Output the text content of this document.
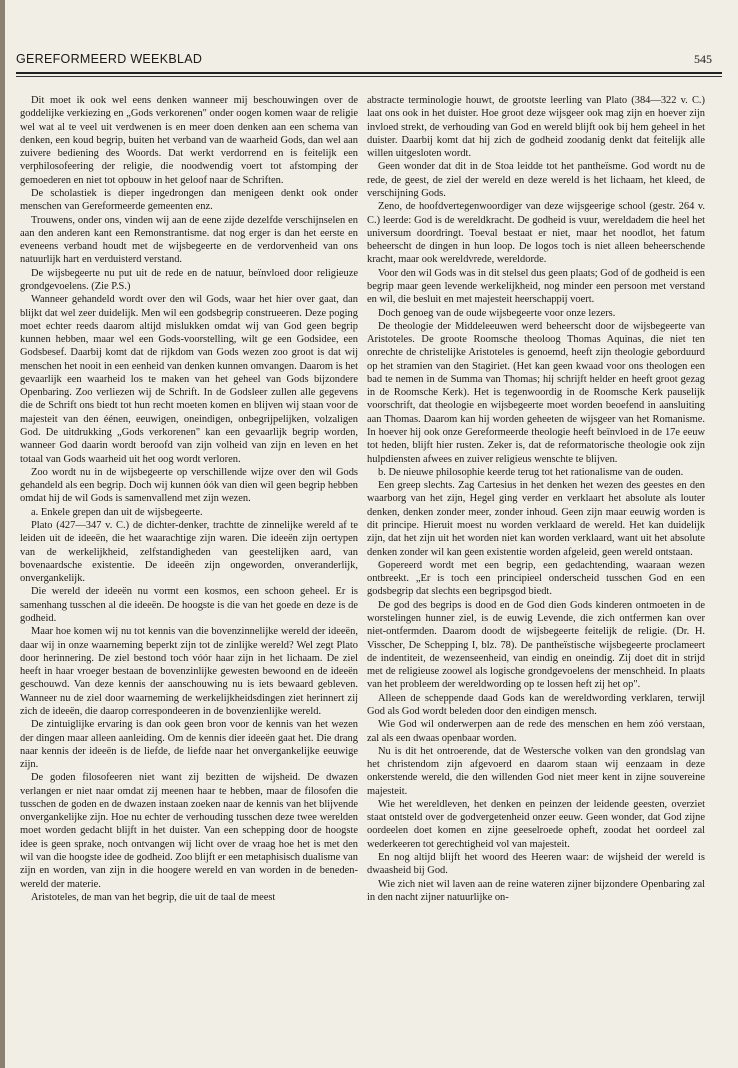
GEREFORMEERD WEEKBLAD	545

Dit moet ik ook wel eens denken wanneer mij beschouwingen over de goddelijke verkiezing en „Gods verkorenen" onder oogen komen waar de religie wel wat al te veel uit verdwenen is en meer doen denken aan een schema van denken, een koud begrip, buiten het verband van de waarheid Gods, dan wel aan zuivere bediening des Woords. Dat werkt verdorrend en is feitelijk een verphilosofeering der religie, die noodwendig voert tot afstomping der gemoederen en niet tot opbouw in het geloof naar de Schriften.

De scholastiek is dieper ingedrongen dan menigeen denkt ook onder menschen van Gereformeerde gemeenten enz.

Trouwens, onder ons, vinden wij aan de eene zijde dezelfde verschijnselen en aan den anderen kant een Remonstrantisme. dat nog erger is dan het eerste en eveneens verband houdt met de wijsbegeerte en de verdorvenheid van ons natuurlijk hart en verduisterd verstand.

De wijsbegeerte nu put uit de rede en de natuur, beïnvloed door religieuze grondgevoelens. (Zie P.S.)

Wanneer gehandeld wordt over den wil Gods, waar het hier over gaat, dan blijkt dat wel zeer duidelijk. Men wil een godsbegrip construeeren. Deze poging moet echter reeds daarom altijd mislukken omdat wij van God geen begrip kunnen hebben, maar wel een Gods-voorstelling, wilt ge een Godsidee, een Godsbesef. Daarbij komt dat de rijkdom van Gods wezen zoo groot is dat wij menschen het nooit in een eenheid van denken kunnen omvangen. Daarom is het gevaarlijk een waarheid los te maken van het geheel van Gods bijzondere Openbaring. Zoo verliezen wij de Schrift. In de Godsleer zullen alle gegevens die de Schrift ons biedt tot hun recht moeten komen en blijven wij staan voor de majesteit van den éénen, eeuwigen, oneindigen, onbegrijpelijken, volzaligen God. De uitdrukking „Gods verkorenen" kan een gevaarlijk begrip worden, wanneer God daarin wordt beroofd van zijn volheid van zijn en leven en het totaal van Gods waarheid uit het oog wordt verloren.

Zoo wordt nu in de wijsbegeerte op verschillende wijze over den wil Gods gehandeld als een begrip. Doch wij kunnen óók van dien wil geen begrip hebben omdat hij de wil Gods is samenvallend met zijn wezen.

a. Enkele grepen dan uit de wijsbegeerte.

Plato (427—347 v. C.) de dichter-denker, trachtte de zinnelijke wereld af te leiden uit de ideeën, die het waarachtige zijn waren. Die ideeën zijn oertypen van de werkelijkheid, zelfstandigheden van geestelijken aard, van bovenaardsche existentie. De ideeën zijn ongeworden, onveranderlijk, onvergankelijk.

Die wereld der ideeën nu vormt een kosmos, een schoon geheel. Er is samenhang tusschen al die ideeën. De hoogste is die van het goede en deze is de godheid.

Maar hoe komen wij nu tot kennis van die bovenzinnelijke wereld der ideeën, daar wij in onze waarneming beperkt zijn tot de zinlijke wereld? Wel zegt Plato door herinnering. De ziel bestond toch vóór haar zijn in het lichaam. De ziel heeft in haar vroeger bestaan de bovenzinlijke gewesten bewoond en de ideeën geschouwd. Van deze kennis der aanschouwing nu is iets bewaard gebleven. Wanneer nu de ziel door waarneming de werkelijkheidsdingen ziet herinnert zij zich de ideeën, die daarop correspondeeren in de bovenzienlijke wereld.

De zintuiglijke ervaring is dan ook geen bron voor de kennis van het wezen der dingen maar alleen aanleiding. Om de kennis dier ideeën gaat het. Die drang naar kennis der ideeën is de liefde, de liefde naar het onvergankelijke eeuwige zijn.

De goden filosofeeren niet want zij bezitten de wijsheid. De dwazen verlangen er niet naar omdat zij meenen haar te hebben, maar de filosofen die tusschen de goden en de dwazen instaan zoeken naar de kennis van het blijvende onvergankelijke zijn. Hoe nu echter de verhouding tusschen deze twee werelden moet worden gedacht blijft in het duister. Van een schepping door de hoogste idee is geen sprake, noch ontvangen wij licht over de vraag hoe het is met den wil van die hoogste idee de godheid. Zoo blijft er een metaphisisch dualisme van zijn en worden, van zijn in die hoogere wereld en van worden in de beneden-wereld der materie.

Aristoteles, de man van het begrip, die uit de taal de meest

abstracte terminologie houwt, de grootste leerling van Plato (384—322 v. C.) laat ons ook in het duister. Hoe groot deze wijsgeer ook mag zijn en hoever zijn invloed strekt, de verhouding van God en wereld blijft ook bij hem geheel in het duister. Daarbij komt dat hij zich de godheid zoodanig denkt dat feitelijk alle willen uitgesloten wordt.

Geen wonder dat dit in de Stoa leidde tot het pantheïsme. God wordt nu de rede, de geest, de ziel der wereld en deze wereld is het lichaam, het kleed, de verschijning Gods.

Zeno, de hoofdvertegenwoordiger van deze wijsgeerige school (gestr. 264 v. C.) leerde: God is de wereldkracht. De godheid is vuur, wereldadem die heel het universum doordringt. Toeval bestaat er niet, maar het noodlot, het fatum beheerscht de dingen in hun loop. De logos toch is niet alleen beheerschende kracht, maar ook wereldvrede, wereldorde.

Voor den wil Gods was in dit stelsel dus geen plaats; God of de godheid is een begrip maar geen levende werkelijkheid, nog minder een persoon met verstand en wil, die besluit en met majesteit heerschappij voert.

Doch genoeg van de oude wijsbegeerte voor onze lezers.

De theologie der Middeleeuwen werd beheerscht door de wijsbegeerte van Aristoteles. De groote Roomsche theoloog Thomas Aquinas, die niet ten onrechte de christelijke Aristoteles is genoemd, heeft zijn theologie geborduurd op het stramien van den Stagiriet. (Het kan geen kwaad voor ons theologen een bad te nemen in de Summa van Thomas; hij schrijft helder en heeft groot gezag in de Roomsche Kerk). Het is tegenwoordig in de Roomsche Kerk pauselijk voorschrift, dat theologie en wijsbegeerte moet worden beoefend in aansluiting aan Thomas. Daarom kan hij worden geheeten de wijsgeer van het Romanisme. In hoever hij ook onze Gereformeerde theologie heeft beïnvloed in de 17e eeuw tot heden, blijft hier rusten. Zeker is, dat de reformatorische theologie ook zijn hulpdiensten afwees en zuiver religieus wenschte te blijven.

b. De nieuwe philosophie keerde terug tot het rationalisme van de ouden.

Een greep slechts. Zag Cartesius in het denken het wezen des geestes en den waarborg van het zijn, Hegel ging verder en verklaart het absolute als louter denken, denken zonder meer, zonder inhoud. Geen zijn maar eeuwig worden is dit principe. Hieruit moest nu worden verklaard de wereld. Het kan duidelijk zijn, dat het zijn uit het worden niet kan worden verklaard, want uit het absolute denken zonder wil kan geen existentie worden afgeleid, geen wereld ontstaan.

Gopereerd wordt met een begrip, een gedachtending, waaraan wezen ontbreekt. „Er is toch een principieel onderscheid tusschen God en een godsbegrip dat slechts een begripsgod biedt.

De god des begrips is dood en de God dien Gods kinderen ontmoeten in de worstelingen hunner ziel, is de euwig Levende, die zich ontfermen kan over niet-ontfermden. Daarom doodt de wijsbegeerte feitelijk de religie. (Dr. H. Visscher, De Schepping I, blz. 78). De pantheïstische wijsbegeerte proclameert de indentiteit, de wezenseenheid, van eindig en oneindig. Zij doet dit in strijd met de religieuse zoowel als logische grondgevoelens der menschheid. In plaats van het probleem der wereldwording op te lossen heft zij het op".

Alleen de scheppende daad Gods kan de wereldwording verklaren, terwijl God als God wordt beleden door den eindigen mensch.

Wie God wil onderwerpen aan de rede des menschen en hem zóó verstaan, zal als een dwaas openbaar worden.

Nu is dit het ontroerende, dat de Westersche volken van den grondslag van het christendom zijn afgevoerd en daarom staan wij eenzaam in deze onkerstende wereld, die den willenden God niet meer kent in zijne souvereine majesteit.

Wie het wereldleven, het denken en peinzen der leidende geesten, overziet staat ontsteld over de godvergetenheid onzer eeuw. Geen wonder, dat God zijne oordeelen doet komen en zijne geeselroede opheft, zoodat het oordeel zal wederkeeren tot gerechtigheid vol van majesteit.

En nog altijd blijft het woord des Heeren waar: de wijsheid der wereld is dwaasheid bij God.

Wie zich niet wil laven aan de reine wateren zijner bijzondere Openbaring zal in den nacht zijner natuurlijke on-
